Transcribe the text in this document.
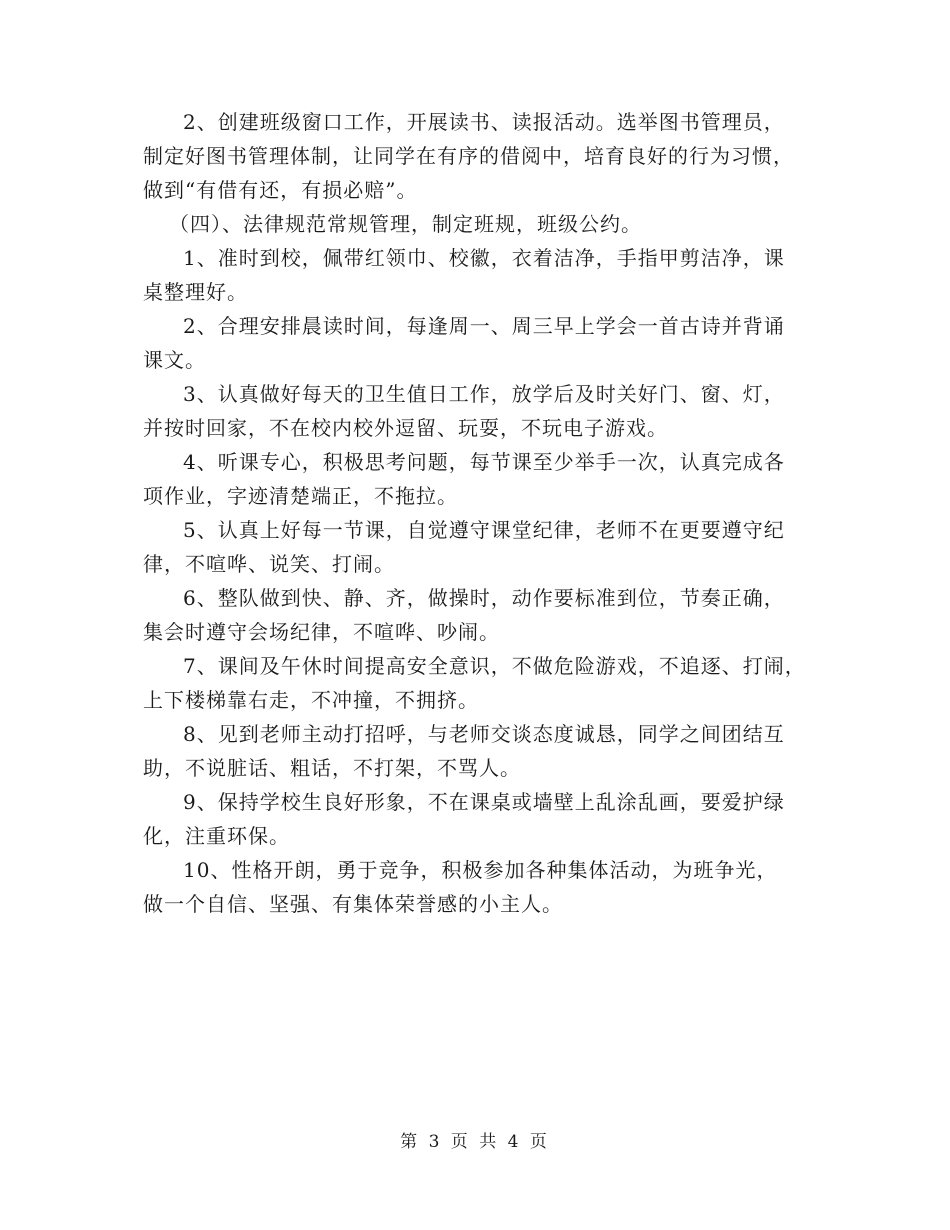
2、创建班级窗口工作，开展读书、读报活动。选举图书管理员，
制定好图书管理体制，让同学在有序的借阅中，培育良好的行为习惯，
做到“有借有还，有损必赔”。

（四）、法律规范常规管理，制定班规，班级公约。

1、准时到校，佩带红领巾、校徽，衣着洁净，手指甲剪洁净，课
桌整理好。

2、合理安排晨读时间，每逢周一、周三早上学会一首古诗并背诵
课文。

3、认真做好每天的卫生值日工作，放学后及时关好门、窗、灯，
并按时回家，不在校内校外逗留、玩耍，不玩电子游戏。

4、听课专心，积极思考问题，每节课至少举手一次，认真完成各
项作业，字迹清楚端正，不拖拉。

5、认真上好每一节课，自觉遵守课堂纪律，老师不在更要遵守纪
律，不喧哗、说笑、打闹。

6、整队做到快、静、齐，做操时，动作要标准到位，节奏正确，
集会时遵守会场纪律，不喧哗、吵闹。

7、课间及午休时间提高安全意识，不做危险游戏，不追逐、打闹，
上下楼梯靠右走，不冲撞，不拥挤。

8、见到老师主动打招呼，与老师交谈态度诚恳，同学之间团结互
助，不说脏话、粗话，不打架，不骂人。

9、保持学校生良好形象，不在课桌或墙壁上乱涂乱画，要爱护绿
化，注重环保。

10、性格开朗，勇于竞争，积极参加各种集体活动，为班争光，
做一个自信、坚强、有集体荣誉感的小主人。

第 3 页 共 4 页
